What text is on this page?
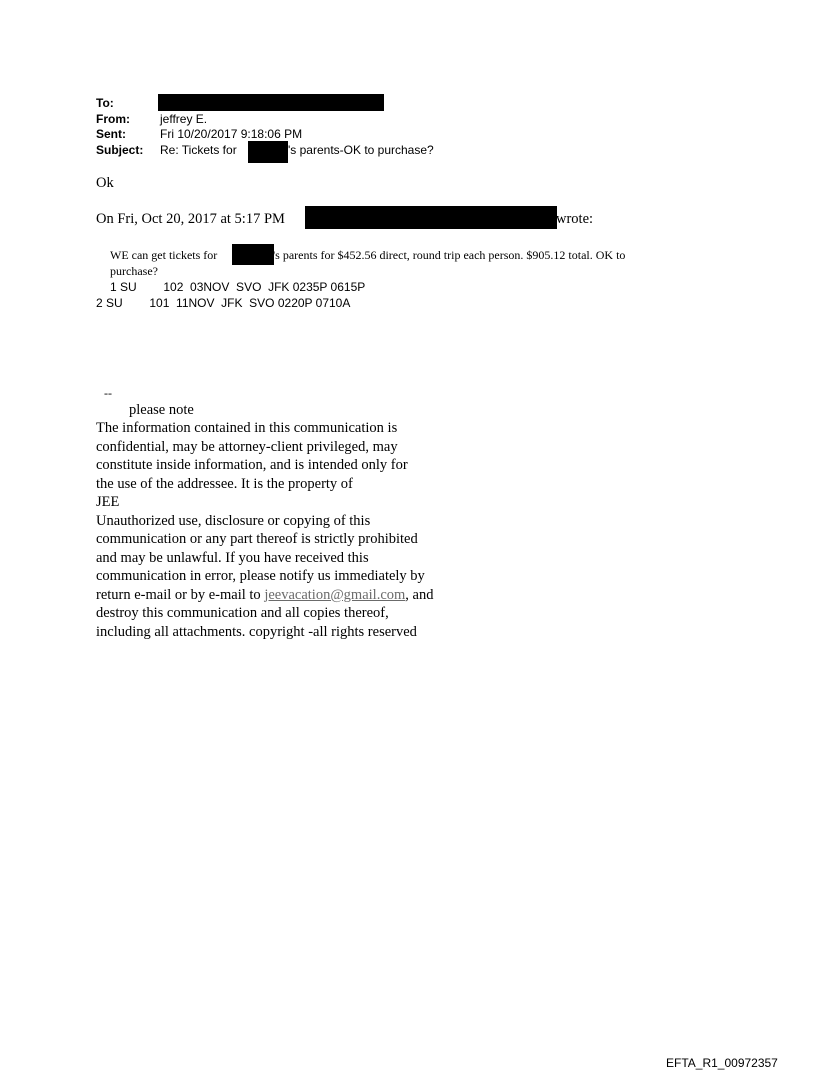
To:
From:	jeffrey E.
Sent:	Fri 10/20/2017 9:18:06 PM
Subject: Re: Tickets for	's parents-OK to purchase?
Ok
On Fri, Oct 20, 2017 at 5:17 PM	wrote:
WE can get tickets for	's parents for $452.56 direct, round trip each person. $905.12 total. OK to
purchase?
1 SU        102  03NOV  SVO  JFK 0235P 0615P
2 SU        101  11NOV  JFK  SVO 0220P 0710A
--
please note
The information contained in this communication is
confidential, may be attorney-client privileged, may
constitute inside information, and is intended only for
the use of the addressee. It is the property of
JEE
Unauthorized use, disclosure or copying of this
communication or any part thereof is strictly prohibited
and may be unlawful. If you have received this
communication in error, please notify us immediately by
return e-mail or by e-mail to jeevacation@gmail.com, and
destroy this communication and all copies thereof,
including all attachments. copyright -all rights reserved
EFTA_R1_00972357
